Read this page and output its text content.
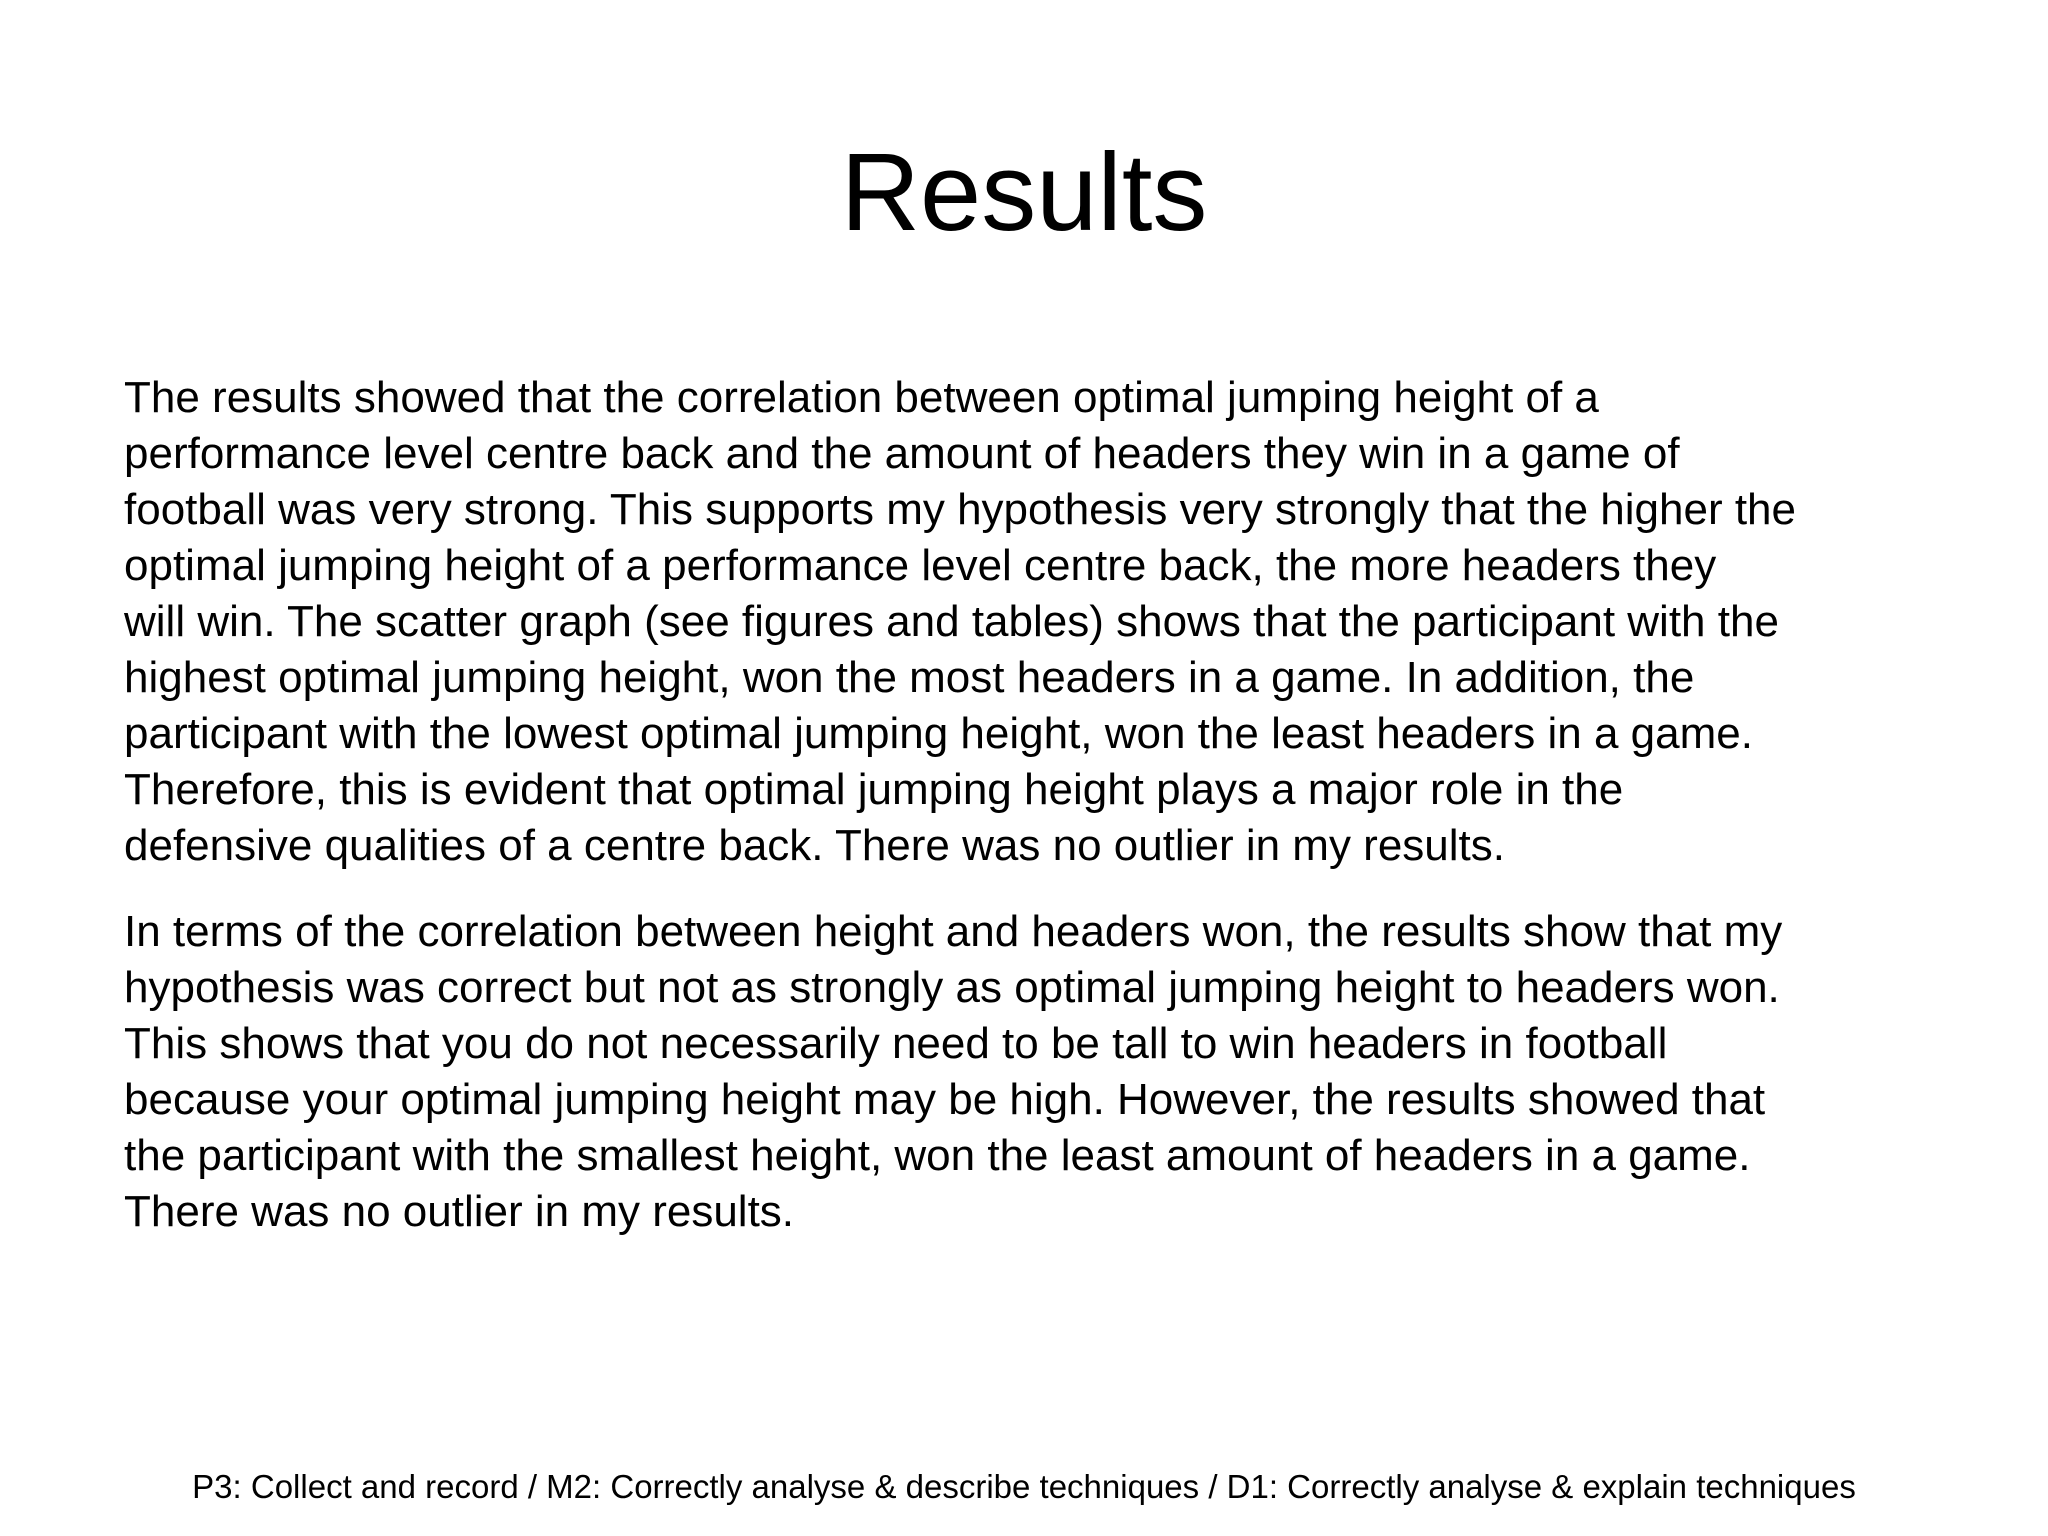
Results

The results showed that the correlation between optimal jumping height of a
performance level centre back and the amount of headers they win in a game of
football was very strong. This supports my hypothesis very strongly that the higher the
optimal jumping height of a performance level centre back, the more headers they
will win. The scatter graph (see figures and tables) shows that the participant with the
highest optimal jumping height, won the most headers in a game. In addition, the
participant with the lowest optimal jumping height, won the least headers in a game.
Therefore, this is evident that optimal jumping height plays a major role in the
defensive qualities of a centre back. There was no outlier in my results.

In terms of the correlation between height and headers won, the results show that my
hypothesis was correct but not as strongly as optimal jumping height to headers won.
This shows that you do not necessarily need to be tall to win headers in football
because your optimal jumping height may be high. However, the results showed that
the participant with the smallest height, won the least amount of headers in a game.
There was no outlier in my results.

P3: Collect and record / M2: Correctly analyse & describe techniques / D1: Correctly analyse & explain techniques
